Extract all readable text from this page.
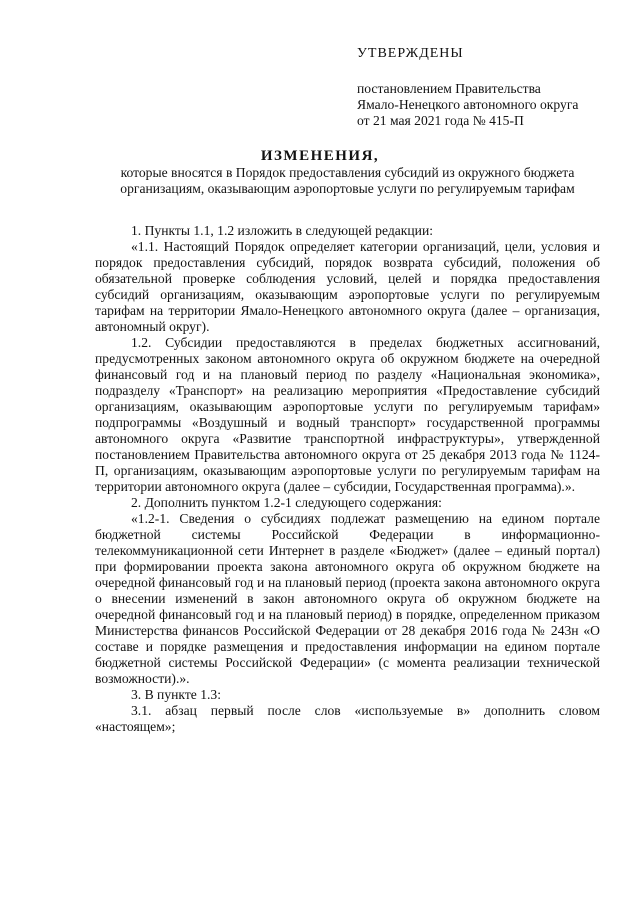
УТВЕРЖДЕНЫ
постановлением Правительства
Ямало-Ненецкого автономного округа
от 21 мая 2021 года № 415-П
ИЗМЕНЕНИЯ,
которые вносятся в Порядок предоставления субсидий из окружного бюджета организациям, оказывающим аэропортовые услуги по регулируемым тарифам

1. Пункты 1.1, 1.2 изложить в следующей редакции:

«1.1. Настоящий Порядок определяет категории организаций, цели, условия и порядок предоставления субсидий, порядок возврата субсидий, положения об обязательной проверке соблюдения условий, целей и порядка предоставления субсидий организациям, оказывающим аэропортовые услуги по регулируемым тарифам на территории Ямало-Ненецкого автономного округа (далее – организация, автономный округ).

1.2. Субсидии предоставляются в пределах бюджетных ассигнований, предусмотренных законом автономного округа об окружном бюджете на очередной финансовый год и на плановый период по разделу «Национальная экономика», подразделу «Транспорт» на реализацию мероприятия «Предоставление субсидий организациям, оказывающим аэропортовые услуги по регулируемым тарифам» подпрограммы «Воздушный и водный транспорт» государственной программы автономного округа «Развитие транспортной инфраструктуры», утвержденной постановлением Правительства автономного округа от 25 декабря 2013 года № 1124-П, организациям, оказывающим аэропортовые услуги по регулируемым тарифам на территории автономного округа (далее – субсидии, Государственная программа).».

2. Дополнить пунктом 1.2-1 следующего содержания:

«1.2-1. Сведения о субсидиях подлежат размещению на едином портале бюджетной системы Российской Федерации в информационно-телекоммуникационной сети Интернет в разделе «Бюджет» (далее – единый портал) при формировании проекта закона автономного округа об окружном бюджете на очередной финансовый год и на плановый период (проекта закона автономного округа о внесении изменений в закон автономного округа об окружном бюджете на очередной финансовый год и на плановый период) в порядке, определенном приказом Министерства финансов Российской Федерации от 28 декабря 2016 года № 243н «О составе и порядке размещения и предоставления информации на едином портале бюджетной системы Российской Федерации» (с момента реализации технической возможности).».

3. В пункте 1.3:

3.1. абзац первый после слов «используемые в» дополнить словом «настоящем»;
